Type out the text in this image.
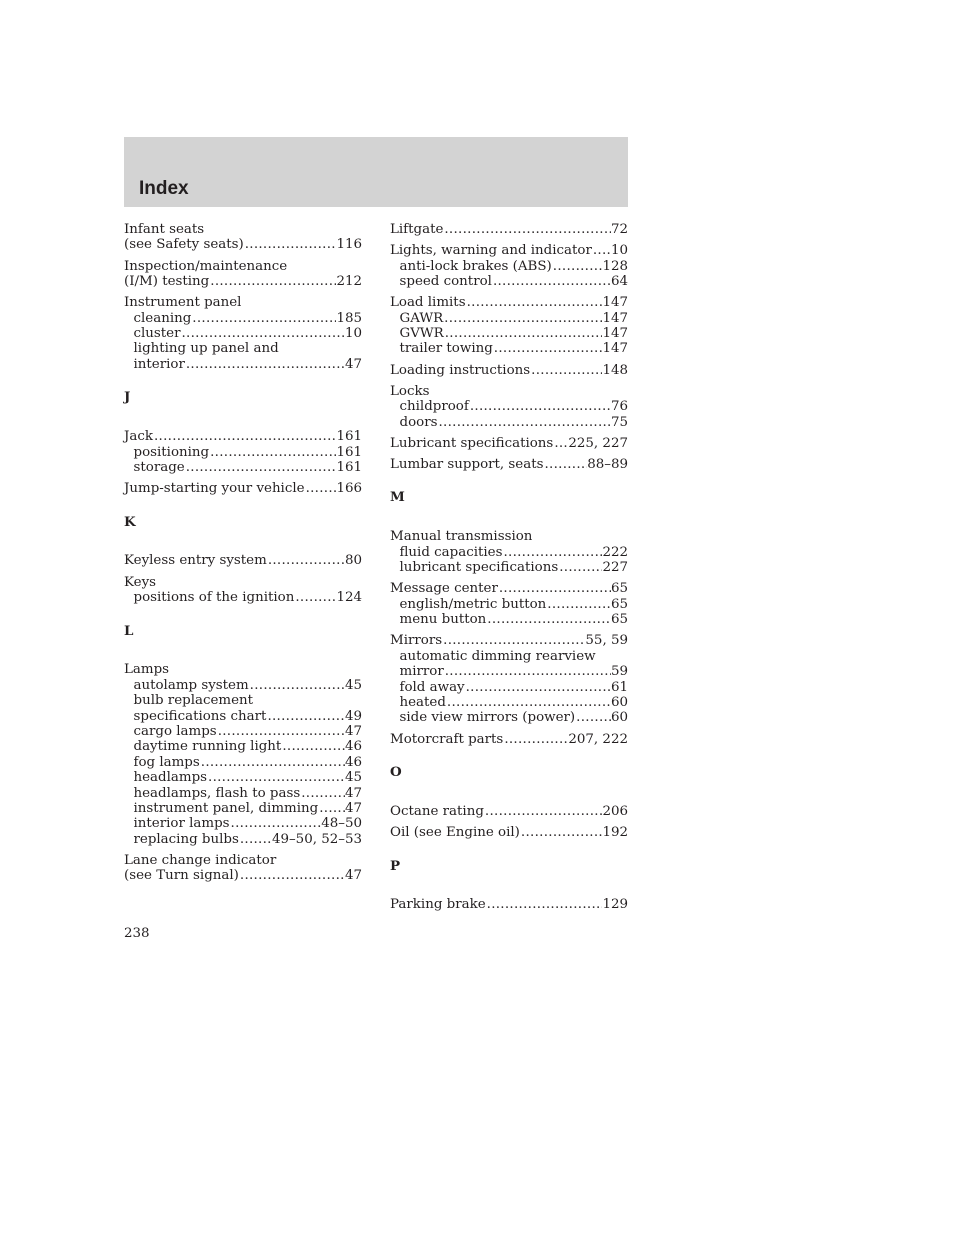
Index
Infant seats
(see Safety seats) .....	116
Inspection/maintenance
(I/M) testing .....	212
Instrument panel
cleaning .....	185
cluster .....	10
lighting up panel and
interior .....	47
J
Jack .....	161
positioning .....	161
storage .....	161
Jump-starting your vehicle ..... 166
K
Keyless entry system .....	80
Keys
positions of the ignition .....	124
L
Lamps
autolamp system .....	45
bulb replacement
specifications chart .....	49
cargo lamps .....	47
daytime running light .....	46
fog lamps .....	46
headlamps .....	45
headlamps, flash to pass .....	47
instrument panel, dimming ..... 47
interior lamps .....	48–50
replacing bulbs ..... 49–50, 52–53
Lane change indicator
(see Turn signal) .....	47
Liftgate .....	72
Lights, warning and indicator ..... 10
anti-lock brakes (ABS) .....	128
speed control .....	64
Load limits .....	147
GAWR .....	147
GVWR .....	147
trailer towing .....	147
Loading instructions .....	148
Locks
childproof .....	76
doors .....	75
Lubricant specifications ..... 225, 227
Lumbar support, seats .....	88–89
M
Manual transmission
fluid capacities .....	222
lubricant specifications .....	227
Message center .....	65
english/metric button .....	65
menu button .....	65
Mirrors .....	55, 59
automatic dimming rearview
mirror .....	59
fold away .....	61
heated .....	60
side view mirrors (power) .....	60
Motorcraft parts .....	207, 222
O
Octane rating .....	206
Oil (see Engine oil) .....	192
P
Parking brake .....	129
238
